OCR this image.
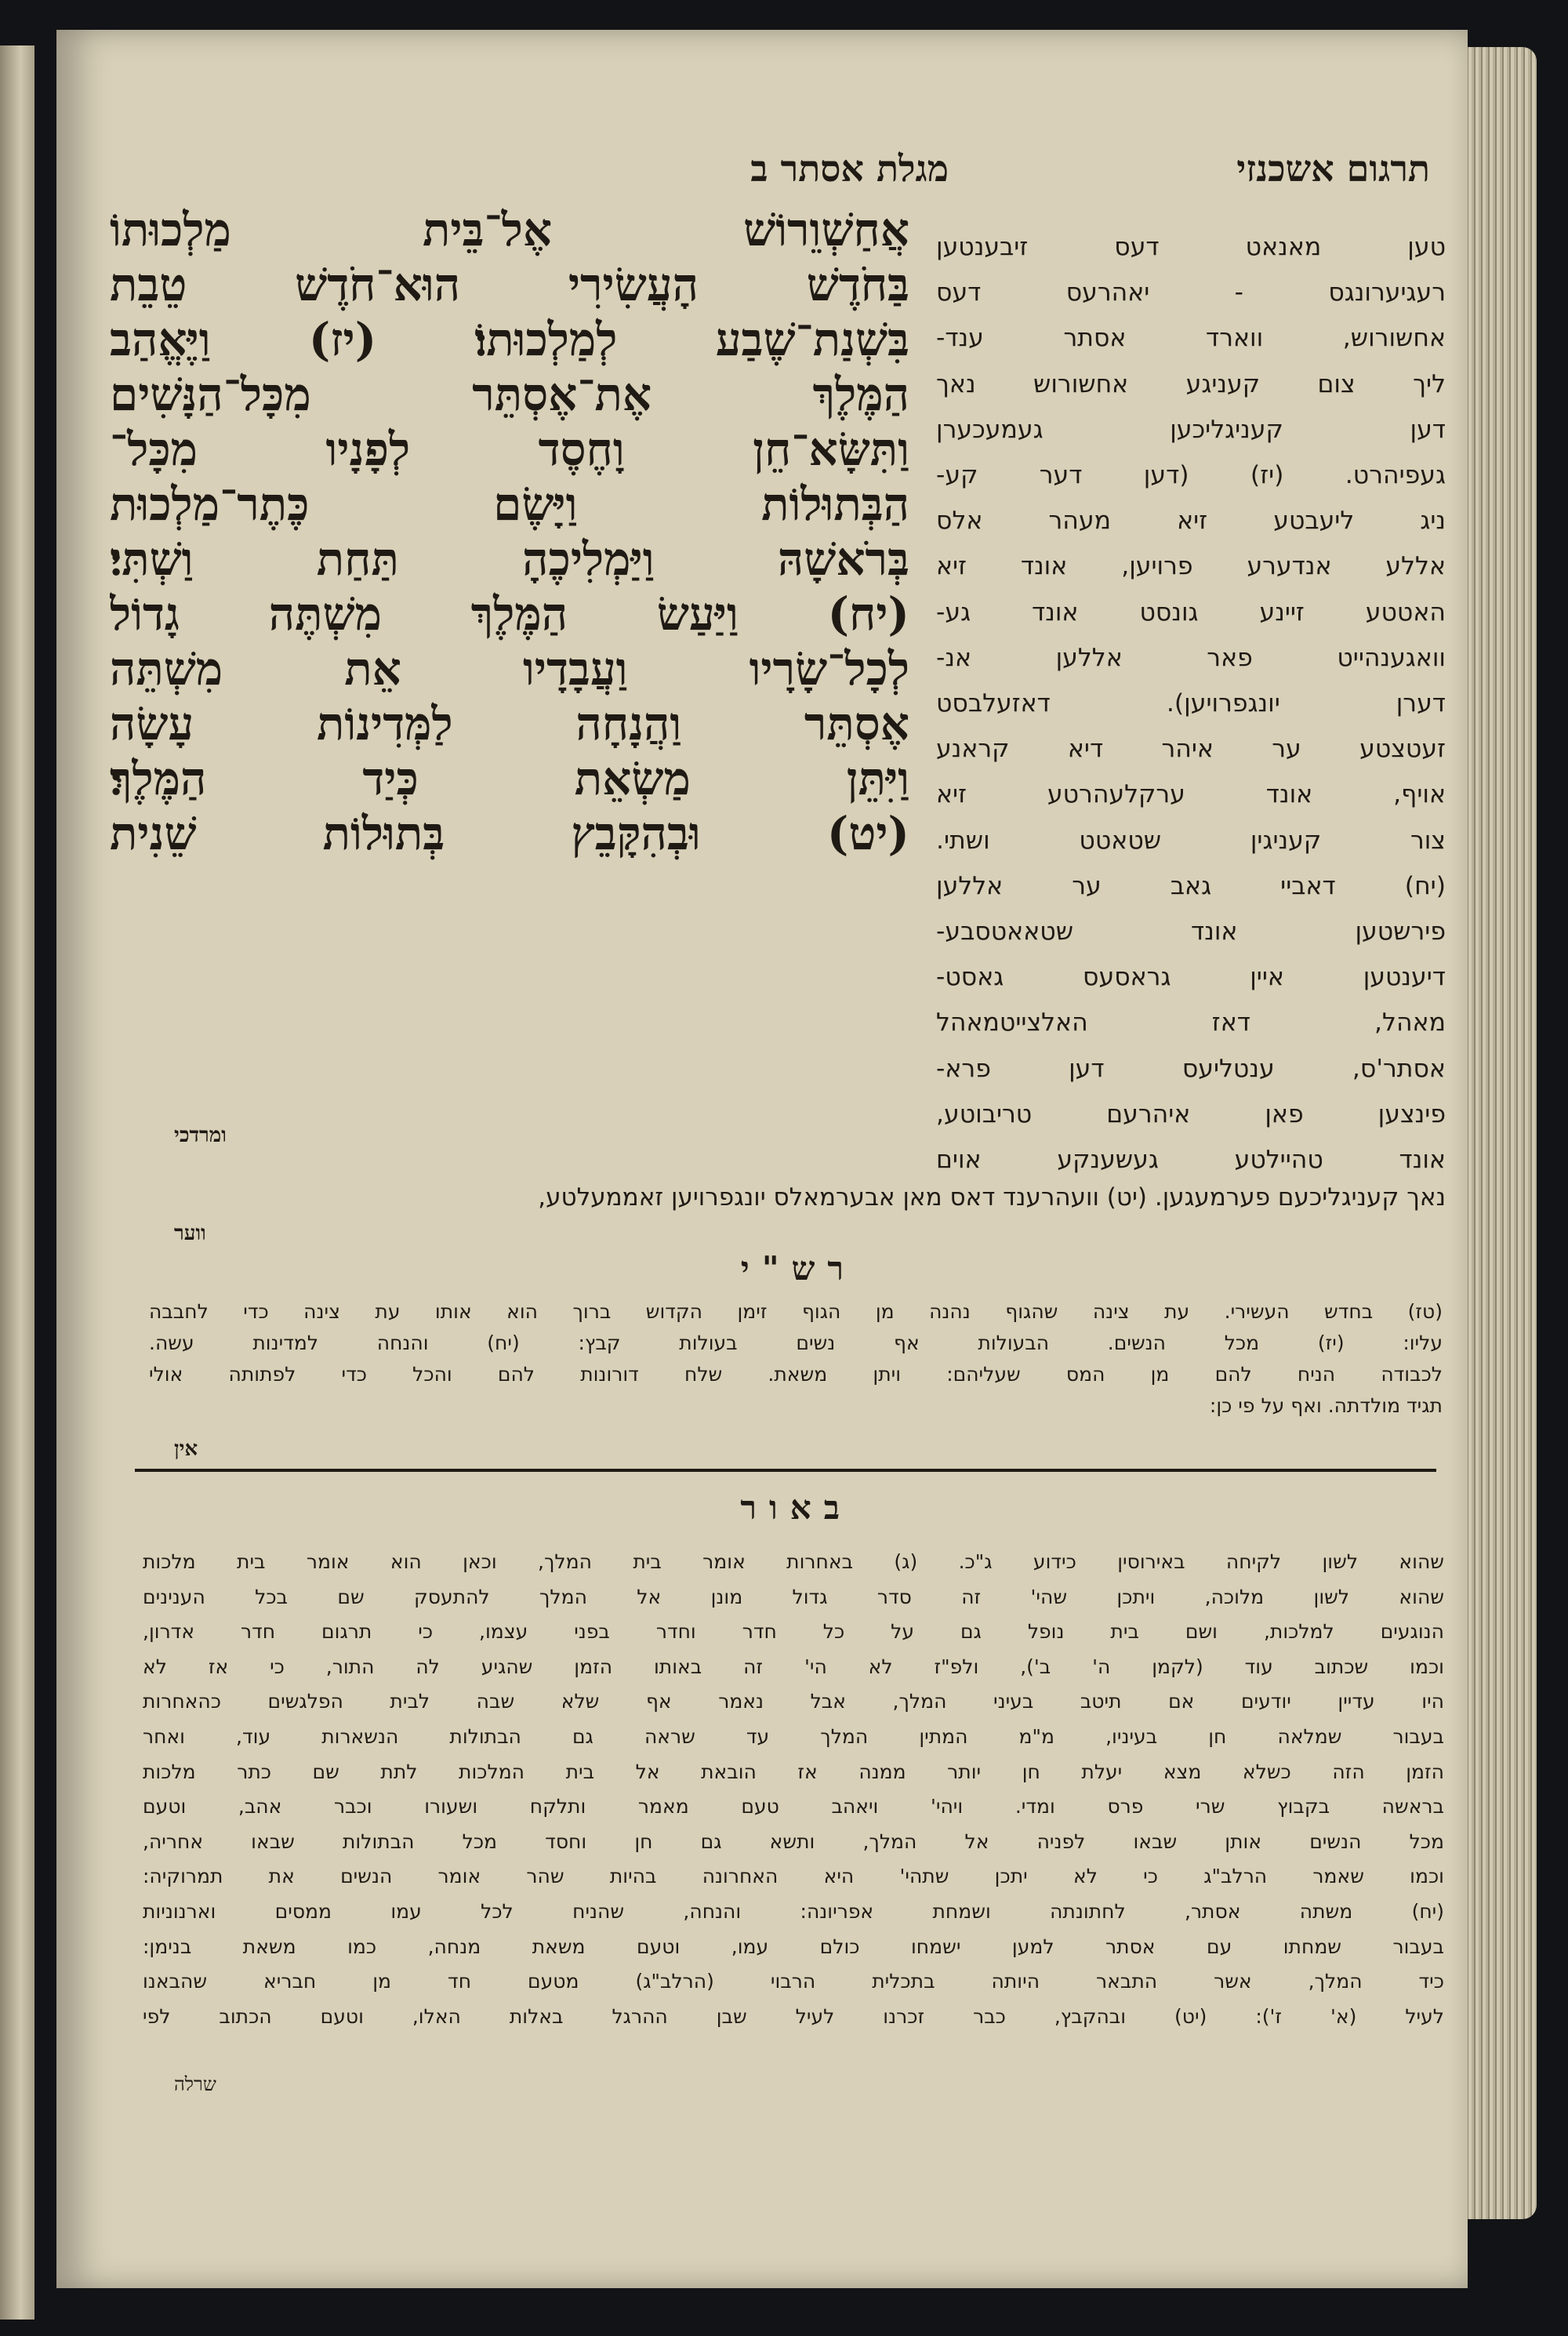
תרגום אשכנזי
מגלת אסתר ב
טען מאנאט דעס זיבענטען
רעגיערונגס - יאהרעס דעס
אחשורוש, ווארד אסתר ענד-
ליך צום קעניגע אחשורוש נאך
דען קעניגליכען געמעכערן
געפיהרט. (יז) (דען דער קע-
ניג ליעבטע זיא מעהר אלס
אללע אנדערע פרויען, אונד זיא
האטטע זיינע גונסט אונד גע-
וואגענהייט פאר אללען אנ-
דערן יונגפרויען). דאזעלבסט
זעטצטע ער איהר דיא קראנע
אויף, אונד ערקלעהרטע זיא
צור קעניגין שטאטט ושתי.
(יח) דאביי גאב ער אללען
פירשטען אונד שטאאטסבע-
דיענטען איין גראסעס גאסט-
מאהל, דאז האלצייטמאהל
אסתר'ס, ענטליעס דען פרא-
פינצען פאן איהרעם טריבוטע,
אונד טהיילטע געשענקע אוים
אֲחַשְׁוֵרוֹשׁ אֶל־בֵּית מַלְכוּתוֹ
בַּחֹדֶשׁ הָעֲשִׂירִי הוּא־חֹדֶשׁ טֵבֵת
בִּשְׁנַת־שֶׁבַע לְמַלְכוּתוֹ׃ (יז) וַיֶּאֱהַב
הַמֶּלֶךְ אֶת־אֶסְתֵּר מִכָּל־הַנָּשִׁים
וַתִּשָּׂא־חֵן וָחֶסֶד לְפָנָיו מִכָּל־
הַבְּתוּלוֹת וַיָּשֶׂם כֶּתֶר־מַלְכוּת
בְּרֹאשָׁהּ וַיַּמְלִיכֶהָ תַּחַת וַשְׁתִּי׃
(יח) וַיַּעַשׂ הַמֶּלֶךְ מִשְׁתֶּה גָדוֹל
לְכָל־שָׂרָיו וַעֲבָדָיו אֵת מִשְׁתֵּה
אֶסְתֵּר וַהֲנָחָה לַמְּדִינוֹת עָשָׂה
וַיִּתֵּן מַשְׂאֵת כְּיַד הַמֶּלֶךְ׃
(יט) וּבְהִקָּבֵץ בְּתוּלוֹת שֵׁנִית
ומרדכי
נאך קעניגליכעם פערמעגען. (יט) וועהרענד דאס מאן אבערמאלס יונגפרויען זאממעלטע,
ווער
רש"י
(טז) בחדש העשירי. עת צינה שהגוף נהנה מן הגוף זימן הקדוש ברוך הוא אותו עת צינה כדי לחבבה
עליו: (יז) מכל הנשים. הבעולות אף נשים בעולות קבץ: (יח) והנחה למדינות עשה.
לכבודה הניח להם מן המס שעליהם: ויתן משאת. שלח דורונות להם והכל כדי לפתותה אולי
תגיד מולדתה. ואף על פי כן:
אין
באור
שהוא לשון לקיחה באירוסין כידוע ג"כ. (ג) באחרות אומר בית המלך, וכאן הוא אומר בית מלכות
שהוא לשון מלוכה, ויתכן שהי' זה סדר גדול מונן אל המלך להתעסק שם בכל הענינים
הנוגעים למלכות, ושם בית נופל גם על כל חדר וחדר בפני עצמו, כי תרגום חדר אדרון,
וכמו שכתוב עוד (לקמן ה' ב'), ולפ"ז לא הי' זה באותו הזמן שהגיע לה התור, כי אז לא
היו עדיין יודעים אם תיטב בעיני המלך, אבל נאמר אף שלא שבה לבית הפלגשים כהאחרות
בעבור שמלאה חן בעיניו, מ"מ המתין המלך עד שראה גם הבתולות הנשארות עוד, ואחר
הזמן הזה כשלא מצא יעלת חן יותר ממנה אז הובאת אל בית המלכות לתת שם כתר מלכות
בראשה בקבוץ שרי פרס ומדי. ויהי' ויאהב טעם מאמר ותלקח ושעורו וכבר אהב, וטעם
מכל הנשים אותן שבאו לפניה אל המלך, ותשא גם חן וחסד מכל הבתולות שבאו אחריה,
וכמו שאמר הרלב"ג כי לא יתכן שתהי' היא האחרונה בהיות שהר אומר הנשים את תמרוקיה:
(יח) משתה אסתר, לחתונתה ושמחת אפריונה: והנחה, שהניח לכל עמו ממסים וארנוניות
בעבור שמחתו עם אסתר למען ישמחו כולם עמו, וטעם משאת מנחה, כמו משאת בנימן:
כיד המלך, אשר התבאר היותה בתכלית הרבוי (הרלב"ג) מטעם חד מן חבריא שהבאנו
לעיל (א' ז'): (יט) ובהקבץ, כבר זכרנו לעיל שבן ההרגל באלות האלו, וטעם הכתוב לפי
שרלה
